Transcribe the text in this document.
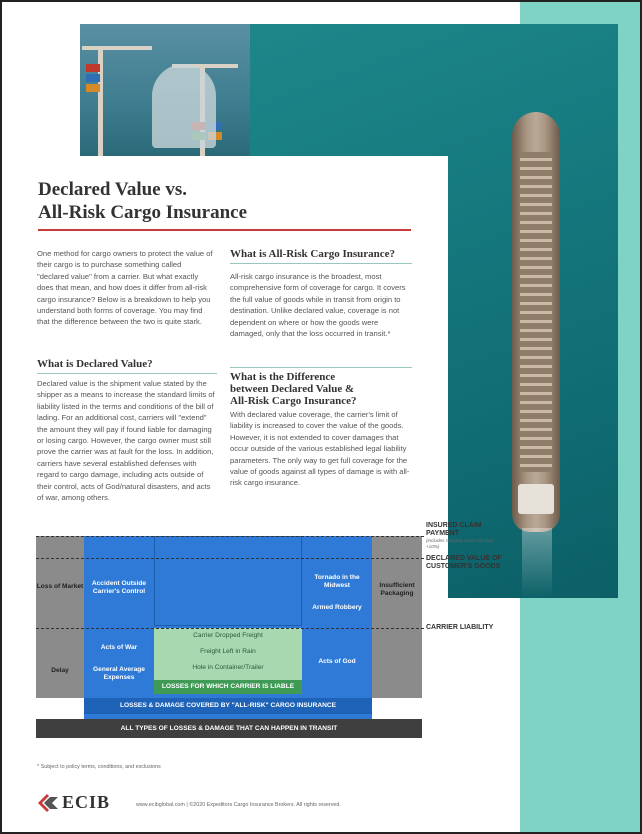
Declared Value vs.
All-Risk Cargo Insurance
One method for cargo owners to protect the value of their cargo is to purchase something called "declared value" from a carrier. But what exactly does that mean, and how does it differ from all-risk cargo insurance? Below is a breakdown to help you understand both forms of coverage. You may find that the difference between the two is quite stark.
What is Declared Value?
Declared value is the shipment value stated by the shipper as a means to increase the standard limits of liability listed in the terms and conditions of the bill of lading. For an additional cost, carriers will "extend" the amount they will pay if found liable for damaging or losing cargo. However, the cargo owner must still prove the carrier was at fault for the loss. In addition, carriers have several established defenses with regard to cargo damage, including acts outside of their control, acts of God/natural disasters, and acts of war, among others.
What is All-Risk Cargo Insurance?
All-risk cargo insurance is the broadest, most comprehensive form of coverage for cargo. It covers the full value of goods while in transit from origin to destination. Unlike declared value, coverage is not dependent on where or how the goods were damaged, only that the loss occurred in transit.*
What is the Difference
between Declared Value &
All-Risk Cargo Insurance?
With declared value coverage, the carrier's limit of liability is increased to cover the value of the goods. However, it is not extended to cover damages that occur outside of the various established legal liability parameters. The only way to get full coverage for the value of goods against all types of damage is with all-risk cargo insurance.
Loss of Market
Delay
Accident Outside Carrier's Control
Acts of War
General Average Expenses
Carrier Dropped Freight
Freight Left in Rain
Hole in Container/Trailer
LOSSES FOR WHICH CARRIER IS LIABLE
Tornado in the Midwest
Armed Robbery
Acts of God
Insufficient Packaging
LOSSES & DAMAGE COVERED BY "ALL-RISK" CARGO INSURANCE
ALL TYPES OF LOSSES & DAMAGE THAT CAN HAPPEN IN TRANSIT
INSURED CLAIM PAYMENT
(includes shipping costs and duty +10%)
DECLARED VALUE OF CUSTOMER'S GOODS
CARRIER LIABILITY
* Subject to policy terms, conditions, and exclusions
ECIB	www.ecibglobal.com | ©2020 Expeditors Cargo Insurance Brokers. All rights reserved.
